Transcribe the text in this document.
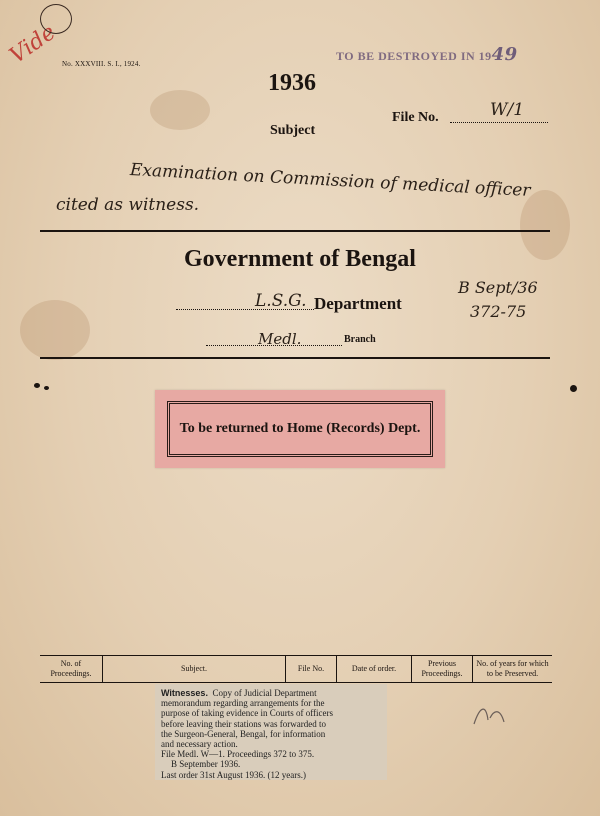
Vide No. XXXVIII. S. I., 1924.
TO BE DESTROYED IN 1949
1936
Subject
File No.	W/1
Examination on Commission of medical officer
cited as witness.
Government of Bengal
L.S.G. Department
Medl.	Branch
B Sept/36
372-75
To be returned to Home (Records) Dept.
No. of Proceedings.	Subject.	File No.	Date of order.	Previous Proceedings.	No. of years for which to be Preserved.
Witnesses. Copy of Judicial Department
memorandum regarding arrangements for the
purpose of taking evidence in Courts of officers
before leaving their stations was forwarded to
the Surgeon-General, Bengal, for information
and necessary action.
File Medl. W—1. Proceedings 372 to 375.
B September 1936.
Last order 31st August 1936. (12 years.)
